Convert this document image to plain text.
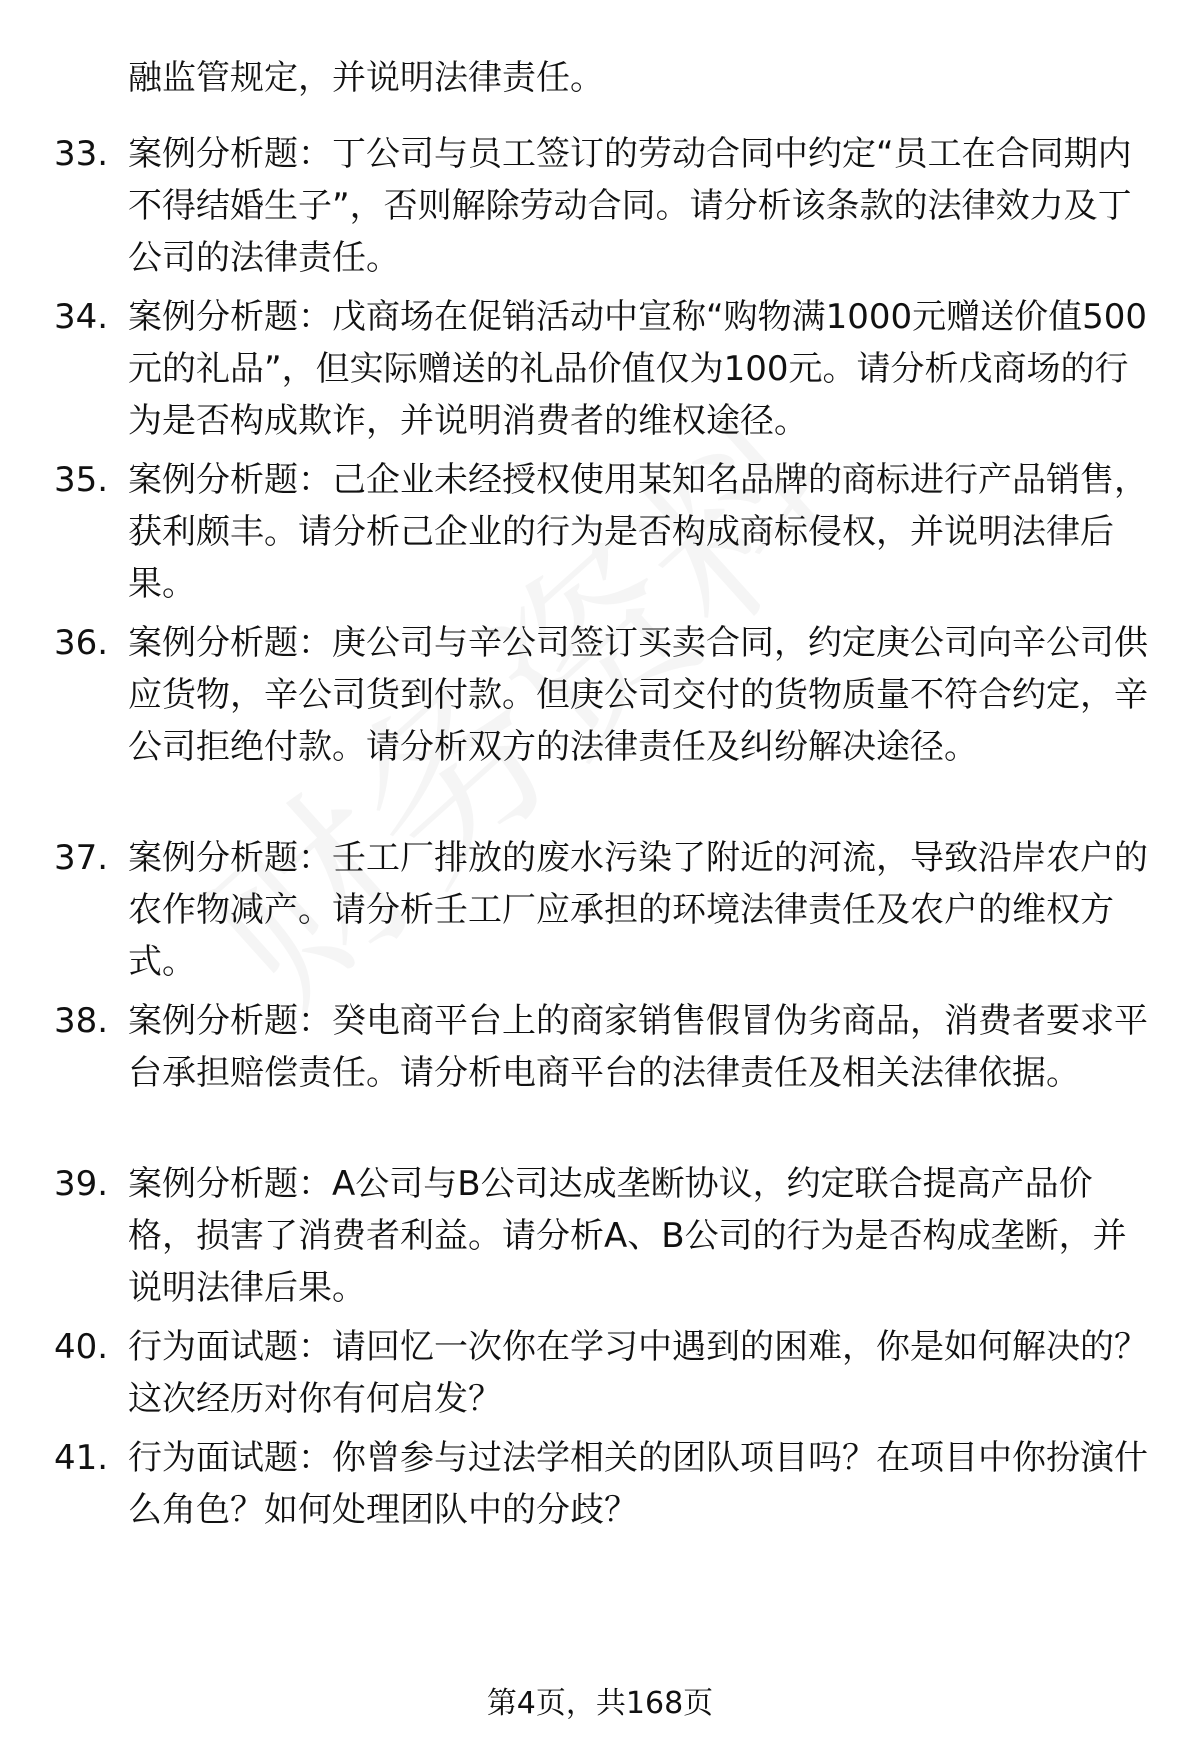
融监管规定，并说明法律责任。
33. 案例分析题：丁公司与员工签订的劳动合同中约定“员工在合同期内不得结婚生子”，否则解除劳动合同。请分析该条款的法律效力及丁公司的法律责任。
34. 案例分析题：戊商场在促销活动中宣称“购物满1000元赠送价值500元的礼品”，但实际赠送的礼品价值仅为100元。请分析戊商场的行为是否构成欺诈，并说明消费者的维权途径。
35. 案例分析题：己企业未经授权使用某知名品牌的商标进行产品销售，获利颇丰。请分析己企业的行为是否构成商标侵权，并说明法律后果。
36. 案例分析题：庚公司与辛公司签订买卖合同，约定庚公司向辛公司供应货物，辛公司货到付款。但庚公司交付的货物质量不符合约定，辛公司拒绝付款。请分析双方的法律责任及纠纷解决途径。
37. 案例分析题：壬工厂排放的废水污染了附近的河流，导致沿岸农户的农作物减产。请分析壬工厂应承担的环境法律责任及农户的维权方式。
38. 案例分析题：癸电商平台上的商家销售假冒伪劣商品，消费者要求平台承担赔偿责任。请分析电商平台的法律责任及相关法律依据。
39. 案例分析题：A公司与B公司达成垄断协议，约定联合提高产品价格，损害了消费者利益。请分析A、B公司的行为是否构成垄断，并说明法律后果。
40. 行为面试题：请回忆一次你在学习中遇到的困难，你是如何解决的？这次经历对你有何启发？
41. 行为面试题：你曾参与过法学相关的团队项目吗？在项目中你扮演什么角色？如何处理团队中的分歧？
第4页，共168页
